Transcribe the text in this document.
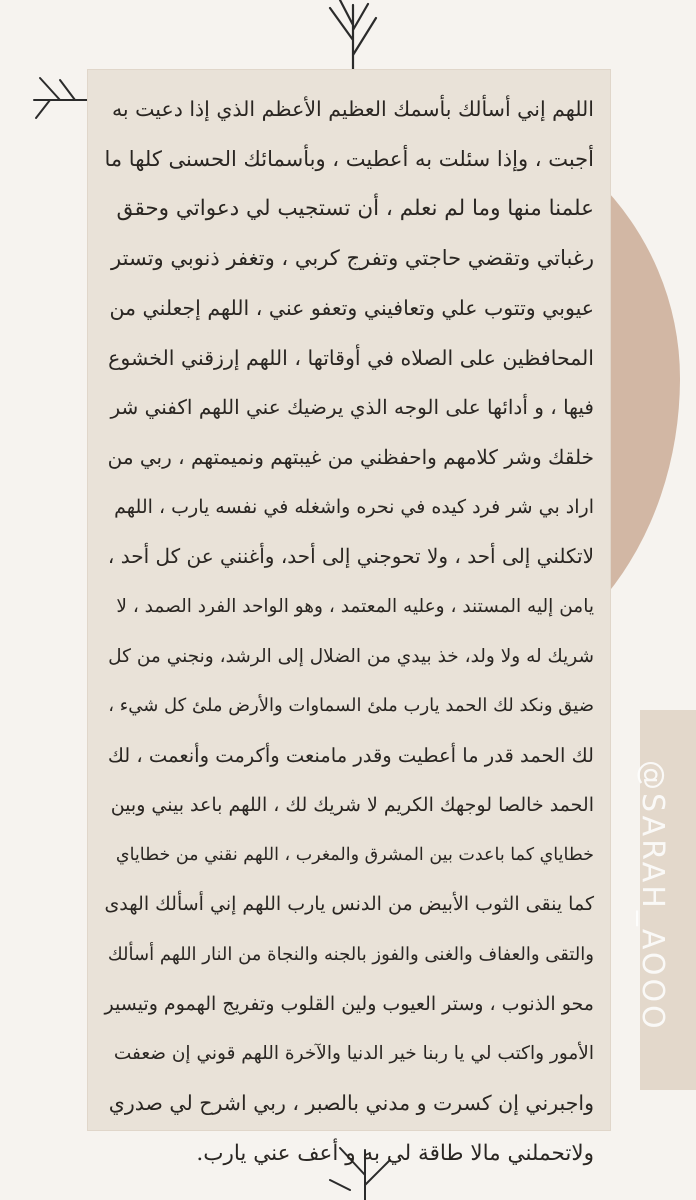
اللهم إني أسألك بأسمك العظيم الأعظم الذي إذا دعيت به
أجبت ، وإذا سئلت به أعطيت ، وبأسمائك الحسنى كلها ما
علمنا منها وما لم نعلم ، أن تستجيب لي دعواتي وحقق
رغباتي وتقضي حاجتي وتفرج كربي ، وتغفر ذنوبي وتستر
عيوبي وتتوب علي وتعافيني وتعفو عني ، اللهم إجعلني من
المحافظين على الصلاه في أوقاتها ، اللهم إرزقني الخشوع
فيها ، و أدائها على الوجه الذي يرضيك عني اللهم اكفني شر
خلقك وشر كلامهم واحفظني من غيبتهم ونميمتهم ، ربي من
اراد بي شر فرد كيده في نحره واشغله في نفسه يارب ، اللهم
لاتكلني إلى أحد ، ولا تحوجني إلى أحد، وأغنني عن كل أحد ،
يامن إليه المستند ، وعليه المعتمد ، وهو الواحد الفرد الصمد ، لا
شريك له ولا ولد، خذ بيدي من الضلال إلى الرشد، ونجني من كل
ضيق ونكد لك الحمد يارب ملئ السماوات والأرض ملئ كل شيء ،
لك الحمد قدر ما أعطيت وقدر مامنعت وأكرمت وأنعمت ، لك
الحمد خالصا لوجهك الكريم لا شريك لك ، اللهم باعد بيني وبين
خطاياي كما باعدت بين المشرق والمغرب ، اللهم نقني من خطاياي
كما ينقى الثوب الأبيض من الدنس يارب اللهم إني أسألك الهدى
والتقى والعفاف والغنى والفوز بالجنه والنجاة من النار اللهم أسألك
محو الذنوب ، وستر العيوب ولين القلوب وتفريج الهموم وتيسير
الأمور واكتب لي يا ربنا خير الدنيا والآخرة اللهم قوني إن ضعفت
واجبرني إن كسرت و مدني بالصبر ، ربي اشرح لي صدري
ولاتحملني مالا طاقة لي به و أعف عني يارب.
@SARAH_AOOO
